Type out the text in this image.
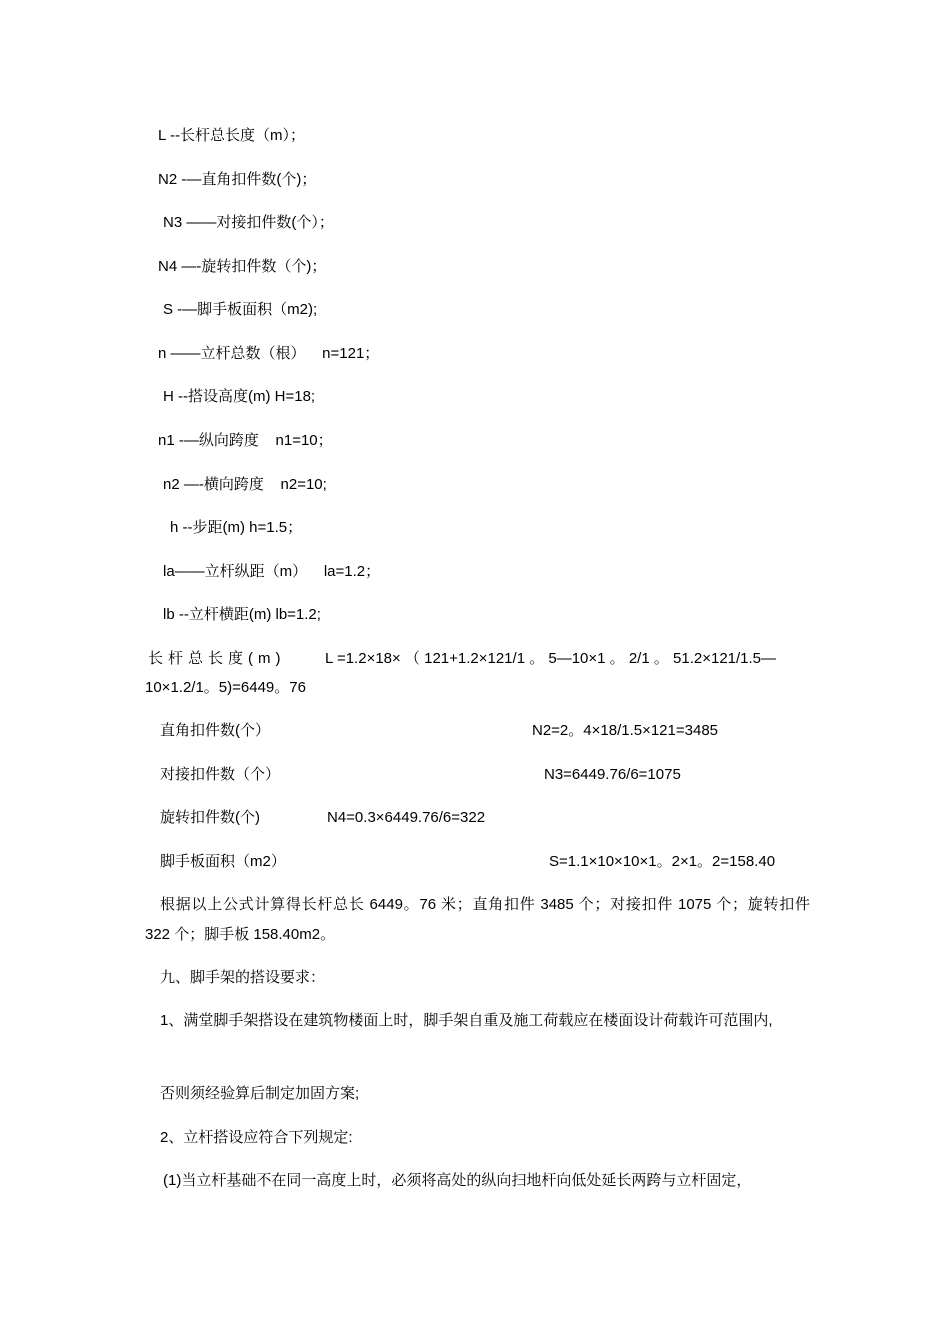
L --长杆总长度（m）；
N2 -—直角扣件数(个)；
N3 ——对接扣件数(个）；
N4 —-旋转扣件数（个)；
S -—脚手板面积（m2);
n ——立杆总数（根）    n=121；
H --搭设高度(m) H=18;
n1 -—纵向跨度    n1=10；
n2 —-横向跨度    n2=10;
h --步距(m) h=1.5；
la——立杆纵距（m）    la=1.2；
lb --立杆横距(m) lb=1.2;
长杆总长度(m)	L =1.2×18× （ 121+1.2×121/1 。 5—10×1 。 2/1 。 51.2×121/1.5—
10×1.2/1。5)=6449。76
直角扣件数(个）	N2=2。4×18/1.5×121=3485
对接扣件数（个）	N3=6449.76/6=1075
旋转扣件数(个)	N4=0.3×6449.76/6=322
脚手板面积（m2）	S=1.1×10×10×1。2×1。2=158.40
根据以上公式计算得长杆总长 6449。76 米；直角扣件 3485 个；对接扣件 1075 个；旋转扣件 322 个；脚手板 158.40m2。
九、脚手架的搭设要求：
1、满堂脚手架搭设在建筑物楼面上时，脚手架自重及施工荷载应在楼面设计荷载许可范围内,
否则须经验算后制定加固方案;
2、立杆搭设应符合下列规定:
(1)当立杆基础不在同一高度上时，必须将高处的纵向扫地杆向低处延长两跨与立杆固定，
